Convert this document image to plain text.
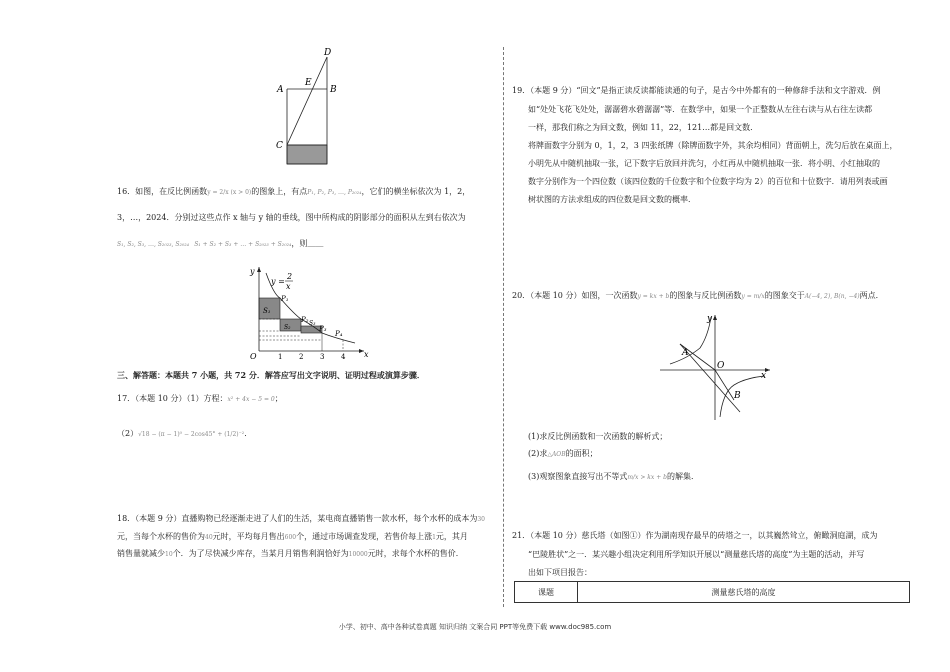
D
E
A	B
C
16．如图，在反比例函数y = 2/x (x > 0)的图象上，有点P₁, P₂, P₃, …, P₂₀₂₄，它们的横坐标依次为 1，2，
3，…，2024．分别过这些点作 x 轴与 y 轴的垂线，图中所构成的阴影部分的面积从左到右依次为
S₁, S₂, S₃, …, S₂₀₂₃, S₂₀₂₄ S₁ + S₂ + S₃ + … + S₂₀₂₃ + S₂₀₂₄，则＿＿
y
x
O
y =
2
x
1 2 3 4
S₁
S₂
S₃
P₁
P₂
P₃
P₄
三、解答题：本题共 7 小题，共 72 分．解答应写出文字说明、证明过程或演算步骤．
17．（本题 10 分）（1）方程：x² + 4x − 5 = 0；
（2）√18 − (π − 1)⁰ − 2cos45° + (1/2)⁻²．
18．（本题 9 分）直播购物已经逐渐走进了人们的生活，某电商直播销售一款水杯，每个水杯的成本为30
元，当每个水杯的售价为40元时，平均每月售出600个，通过市场调查发现，若售价每上涨1元，其月
销售量就减少10个．为了尽快减少库存，当某月月销售利润恰好为10000元时，求每个水杯的售价．
19．（本题 9 分）“回文”是指正读反读都能读通的句子，是古今中外都有的一种修辞手法和文字游戏．例
如“处处飞花飞处处，潺潺碧水碧潺潺”等．在数学中，如果一个正整数从左往右读与从右往左读都
一样，那我们称之为回文数，例如 11，22，121…都是回文数．
将牌面数字分别为 0，1，2，3 四张纸牌（除牌面数字外，其余均相同）背面朝上，洗匀后放在桌面上，
小明先从中随机抽取一张，记下数字后放回并洗匀，小红再从中随机抽取一张．将小明、小红抽取的
数字分别作为一个四位数（该四位数的千位数字和个位数字均为 2）的百位和十位数字．请用列表或画
树状图的方法求组成的四位数是回文数的概率．
20．（本题 10 分）如图，一次函数y = kx + b的图象与反比例函数y = m/x的图象交于A(−4, 2), B(n, −4)两点．
y
x
O
A
B
(1)求反比例函数和一次函数的解析式；
(2)求△AOB的面积；
(3)观察图象直接写出不等式m/x > kx + b的解集．
21．（本题 10 分）慈氏塔（如图①）作为湖南现存最早的砖塔之一，以其巍然耸立，俯瞰洞庭湖，成为
“巴陵胜状”之一．某兴趣小组决定利用所学知识开展以“测量慈氏塔的高度”为主题的活动，并写
出如下项目报告：
课题	测量慈氏塔的高度
小学、初中、高中各种试卷真题 知识归纳 文案合同 PPT等免费下载 www.doc985.com
